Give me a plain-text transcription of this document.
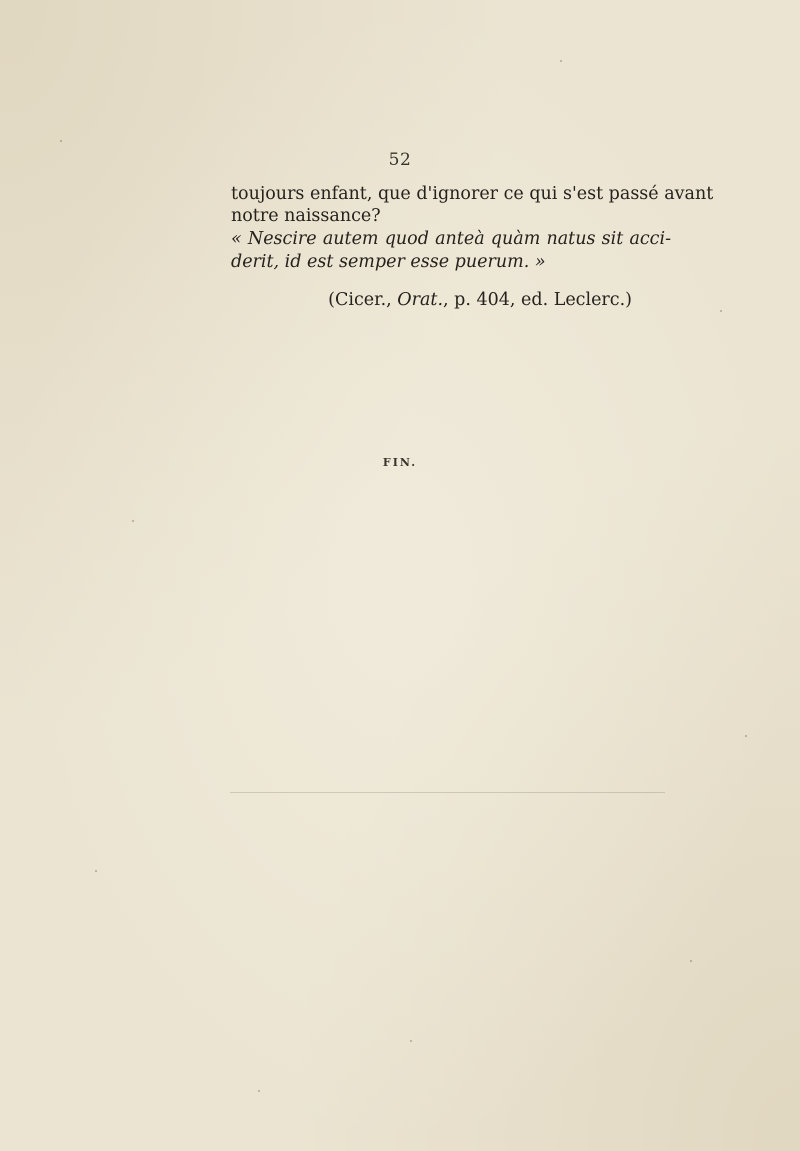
52
toujours enfant, que d'ignorer ce qui s'est passé avant
notre naissance?
« Nescire autem quod anteà quàm natus sit acci-
derit, id est semper esse puerum. »
(Cicer., Orat., p. 404, ed. Leclerc.)
FIN.
